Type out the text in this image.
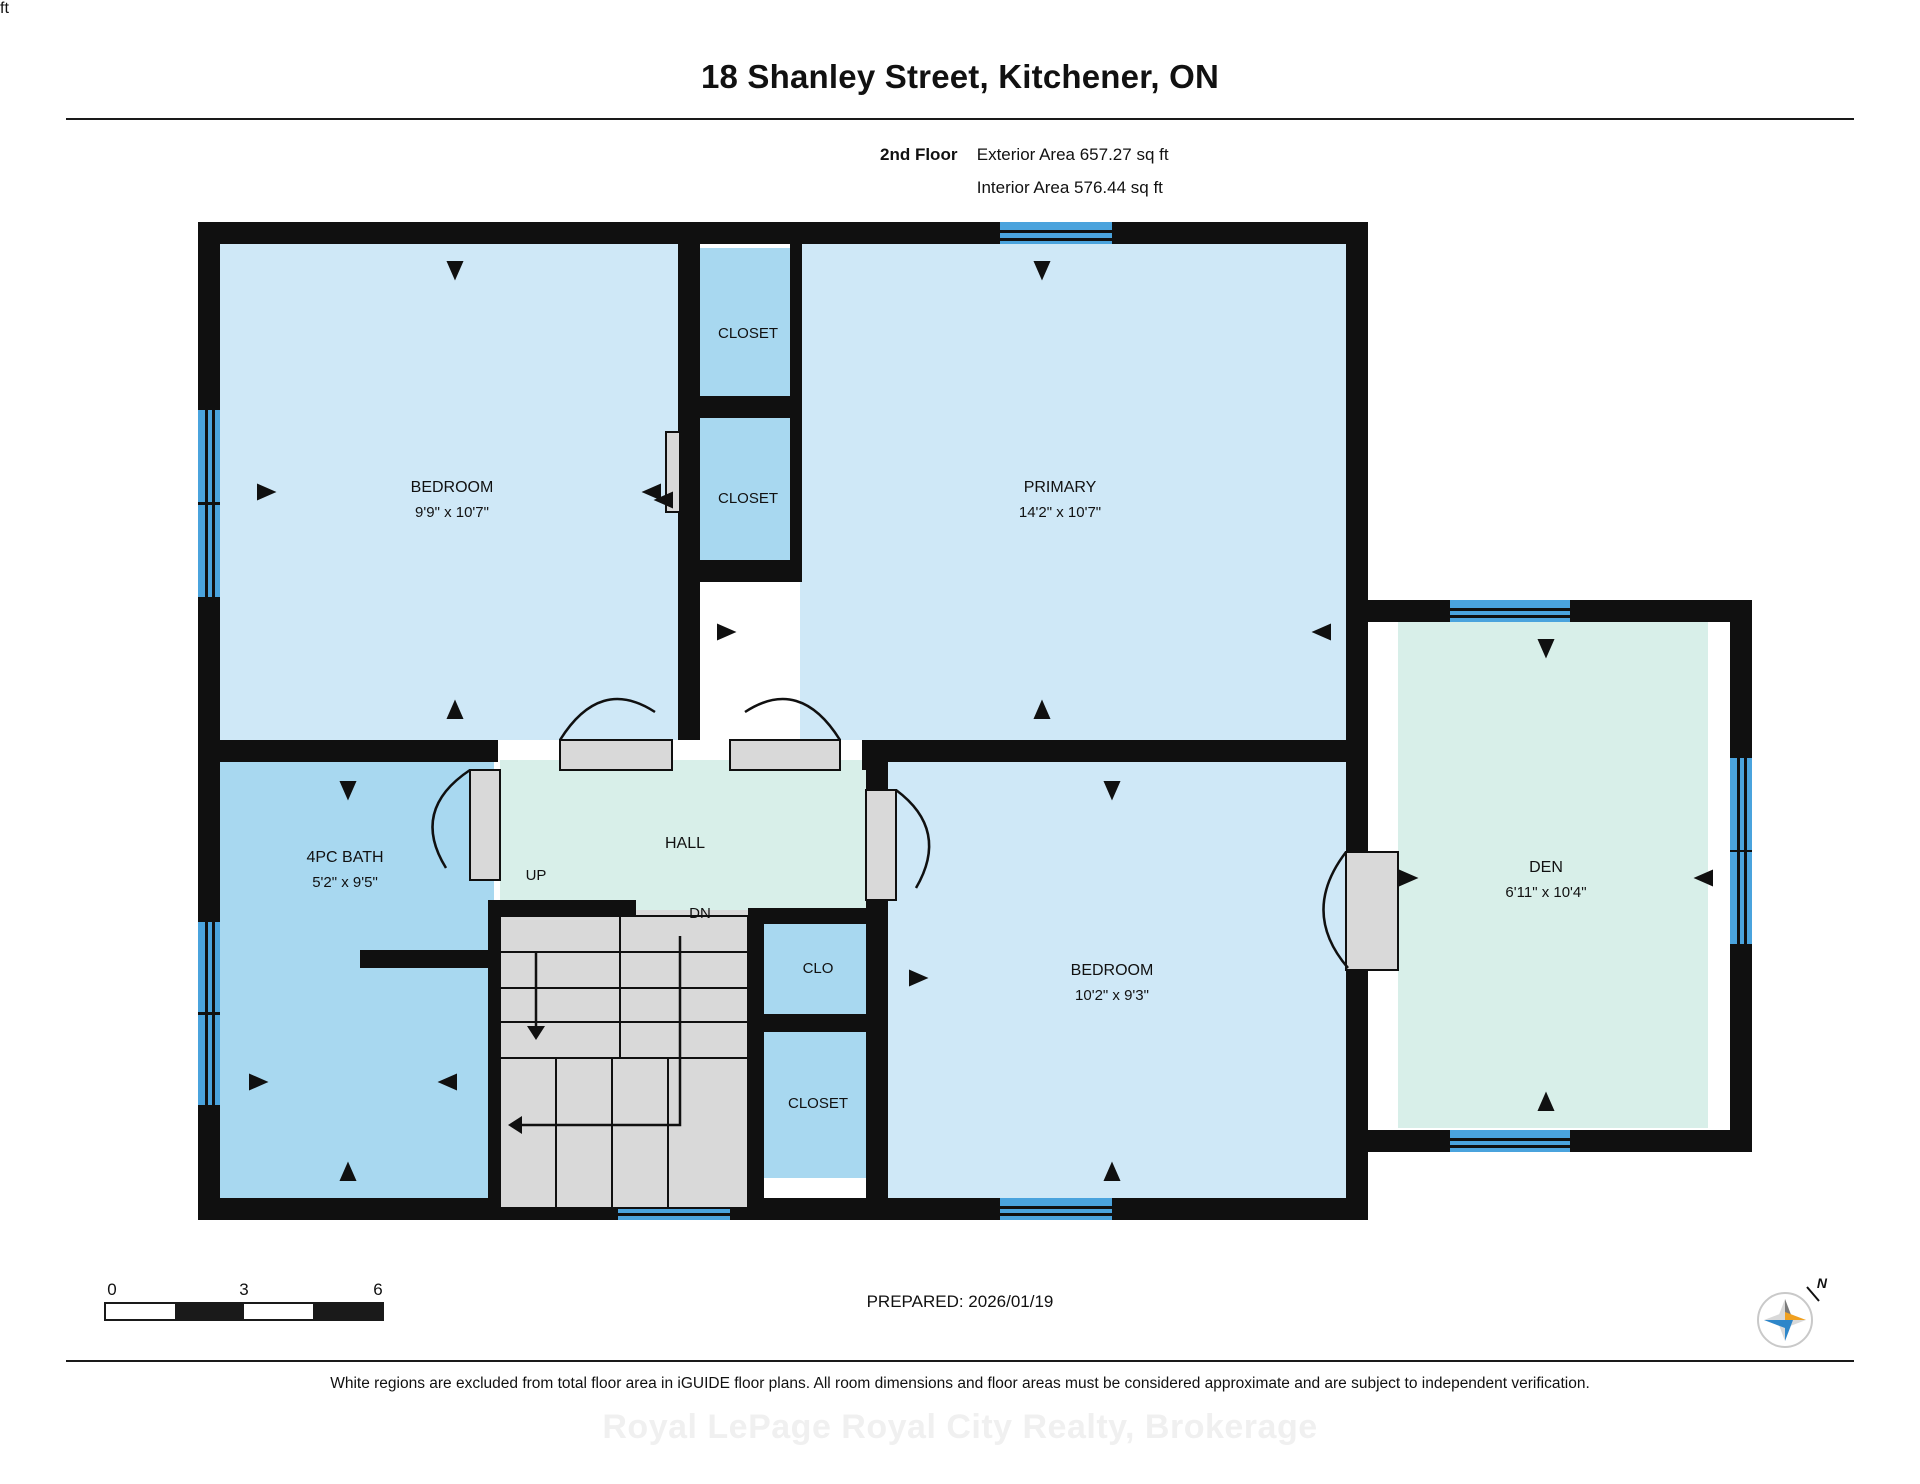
18 Shanley Street, Kitchener, ON
2nd Floor Exterior Area 657.27 sq ft
Interior Area 576.44 sq ft
BEDROOM
9'9" x 10'7"
CLOSET
CLOSET
PRIMARY
14'2" x 10'7"
4PC BATH
5'2" x 9'5"
HALL
CLO
CLOSET
BEDROOM
10'2" x 9'3"
DEN
6'11" x 10'4"
UP
DN
0	3	6
ft
PREPARED: 2026/01/19
N
White regions are excluded from total floor area in iGUIDE floor plans. All room dimensions and floor areas must be considered approximate and are subject to independent verification.
Royal LePage Royal City Realty, Brokerage
